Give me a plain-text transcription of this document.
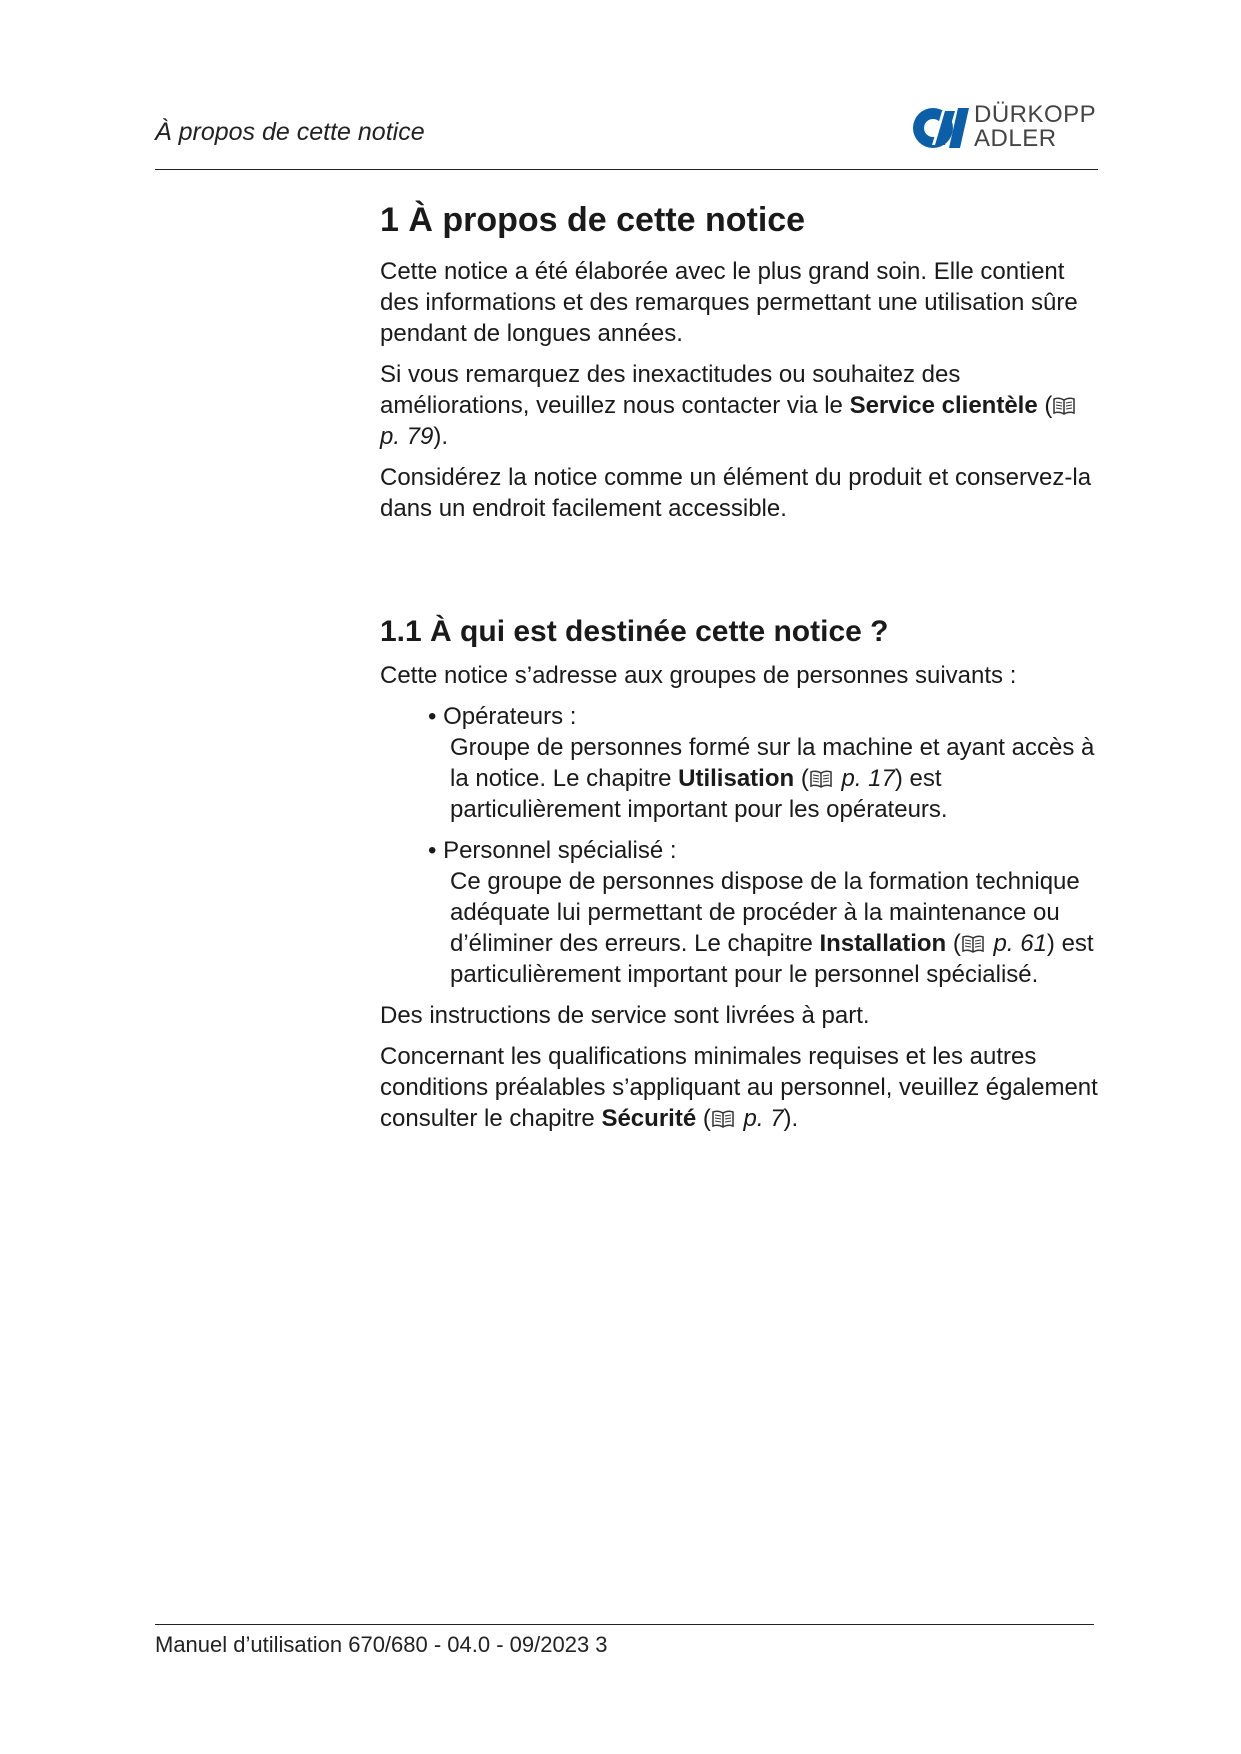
À propos de cette notice
DÜRKOPP
ADLER
1 À propos de cette notice

Cette notice a été élaborée avec le plus grand soin. Elle contient des informations et des remarques permettant une utilisation sûre pendant de longues années.

Si vous remarquez des inexactitudes ou souhaitez des améliorations, veuillez nous contacter via le Service clientèle ( p. 79).

Considérez la notice comme un élément du produit et conservez-la dans un endroit facilement accessible.

1.1 À qui est destinée cette notice ?

Cette notice s’adresse aux groupes de personnes suivants :

• Opérateurs :
Groupe de personnes formé sur la machine et ayant accès à la notice. Le chapitre Utilisation ( p. 17) est particulièrement important pour les opérateurs.
• Personnel spécialisé :
Ce groupe de personnes dispose de la formation technique adéquate lui permettant de procéder à la maintenance ou d’éliminer des erreurs. Le chapitre Installation ( p. 61) est particulièrement important pour le personnel spécialisé.

Des instructions de service sont livrées à part.

Concernant les qualifications minimales requises et les autres conditions préalables s’appliquant au personnel, veuillez également consulter le chapitre Sécurité ( p. 7).

Manuel d’utilisation 670/680 - 04.0 - 09/2023 3
